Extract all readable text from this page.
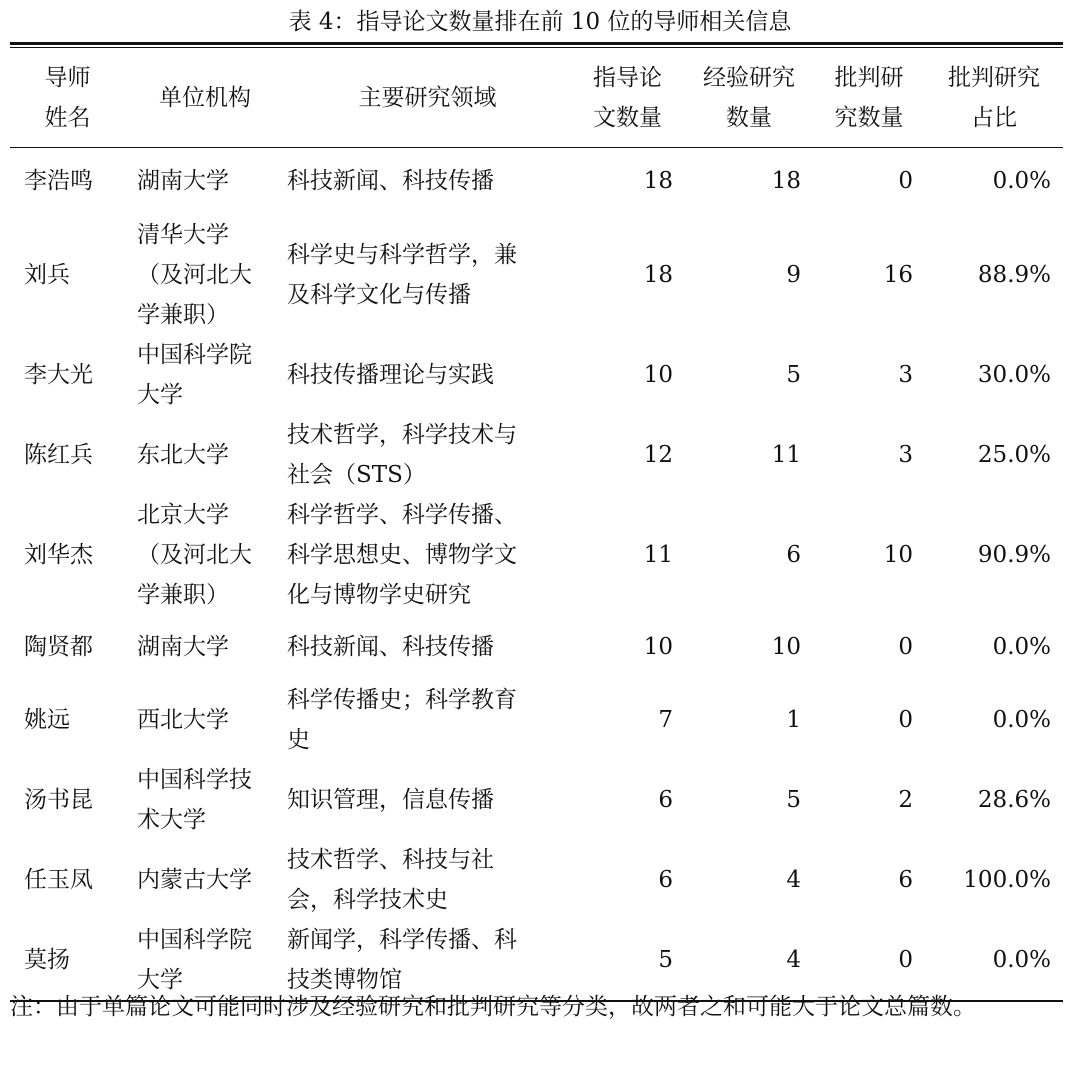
表 4：指导论文数量排在前 10 位的导师相关信息
导师姓名	单位机构	主要研究领域	指导论文数量	经验研究数量	批判研究数量	批判研究占比
李浩鸣	湖南大学	科技新闻、科技传播	18	18	0	0.0%
刘兵	清华大学（及河北大学兼职）	科学史与科学哲学，兼及科学文化与传播	18	9	16	88.9%
李大光	中国科学院大学	科技传播理论与实践	10	5	3	30.0%
陈红兵	东北大学	技术哲学，科学技术与社会（STS）	12	11	3	25.0%
刘华杰	北京大学（及河北大学兼职）	科学哲学、科学传播、科学思想史、博物学文化与博物学史研究	11	6	10	90.9%
陶贤都	湖南大学	科技新闻、科技传播	10	10	0	0.0%
姚远	西北大学	科学传播史；科学教育史	7	1	0	0.0%
汤书昆	中国科学技术大学	知识管理，信息传播	6	5	2	28.6%
任玉凤	内蒙古大学	技术哲学、科技与社会，科学技术史	6	4	6	100.0%
莫扬	中国科学院大学	新闻学，科学传播、科技类博物馆	5	4	0	0.0%
注：由于单篇论文可能同时涉及经验研究和批判研究等分类，故两者之和可能大于论文总篇数。
